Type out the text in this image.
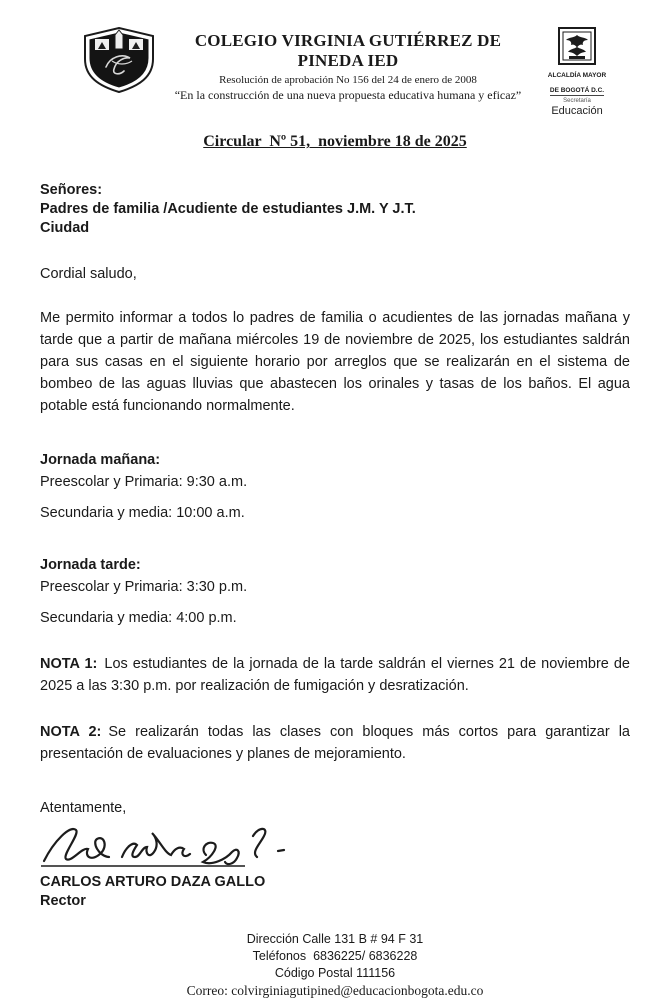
COLEGIO VIRGINIA GUTIÉRREZ DE PINEDA IED
Resolución de aprobación No 156 del 24 de enero de 2008
“En la construcción de una nueva propuesta educativa humana y eficaz”
ALCALDÍA MAYOR
DE BOGOTÁ D.C.
Secretaría
Educación
Circular  Nº 51,  noviembre 18 de 2025
Señores:
Padres de familia /Acudiente de estudiantes J.M. Y J.T.
Ciudad
Cordial saludo,

Me permito informar a todos lo padres de familia o acudientes de las jornadas mañana y tarde que a partir de mañana miércoles 19 de noviembre de 2025, los estudiantes saldrán para sus casas en el siguiente horario por arreglos que se realizarán en el sistema de bombeo de las aguas lluvias que abastecen los orinales y tasas de los baños. El agua potable está funcionando normalmente.

Jornada mañana:
Preescolar y Primaria: 9:30 a.m.
Secundaria y media: 10:00 a.m.
Jornada tarde:
Preescolar y Primaria: 3:30 p.m.
Secundaria y media: 4:00 p.m.

NOTA 1: Los estudiantes de la jornada de la tarde saldrán el viernes 21 de noviembre de 2025 a las 3:30 p.m. por realización de fumigación y desratización.

NOTA 2: Se realizarán todas las clases con bloques más cortos para garantizar la presentación de evaluaciones y planes de mejoramiento.

Atentamente,
CARLOS ARTURO DAZA GALLO
Rector
Dirección Calle 131 B # 94 F 31
Teléfonos  6836225/ 6836228
Código Postal 111156
Correo: colvirginiagutipined@educacionbogota.edu.co
